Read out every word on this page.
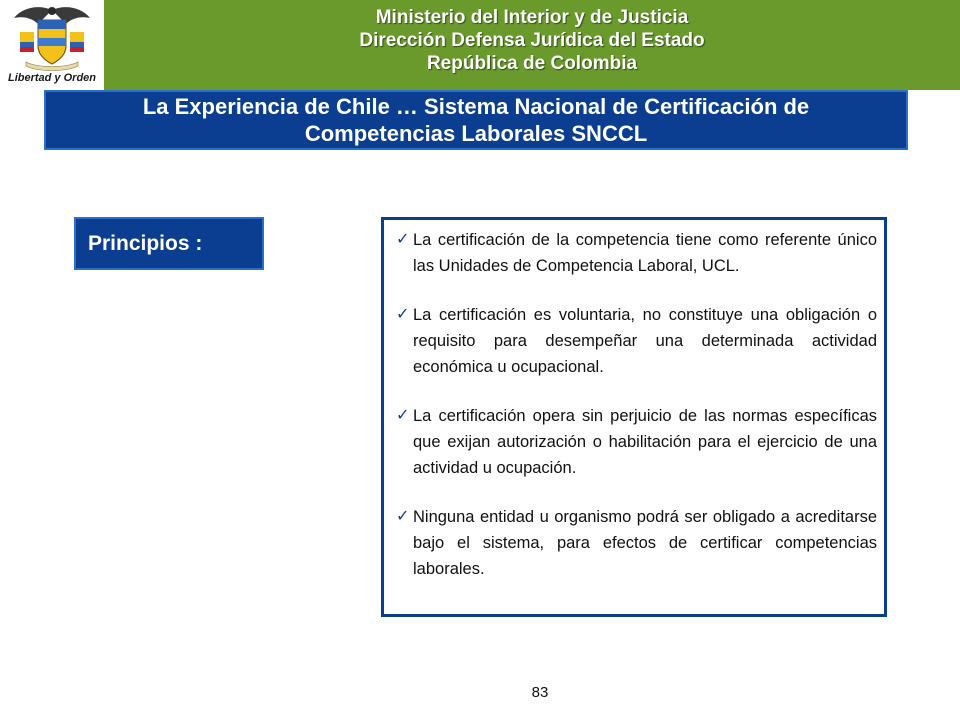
Libertad y Orden
Ministerio del Interior y de Justicia
Dirección Defensa Jurídica del Estado
República de Colombia
La Experiencia de Chile … Sistema Nacional de Certificación de
Competencias Laborales SNCCL
Principios :	✓ La certificación de la competencia tiene como referente único las Unidades de Competencia Laboral, UCL.
✓ La certificación es voluntaria, no constituye una obligación o requisito para desempeñar una determinada actividad económica u ocupacional.
✓ La certificación opera sin perjuicio de las normas específicas que exijan autorización o habilitación para el ejercicio de una actividad u ocupación.
✓ Ninguna entidad u organismo podrá ser obligado a acreditarse bajo el sistema, para efectos de certificar competencias laborales.
83
